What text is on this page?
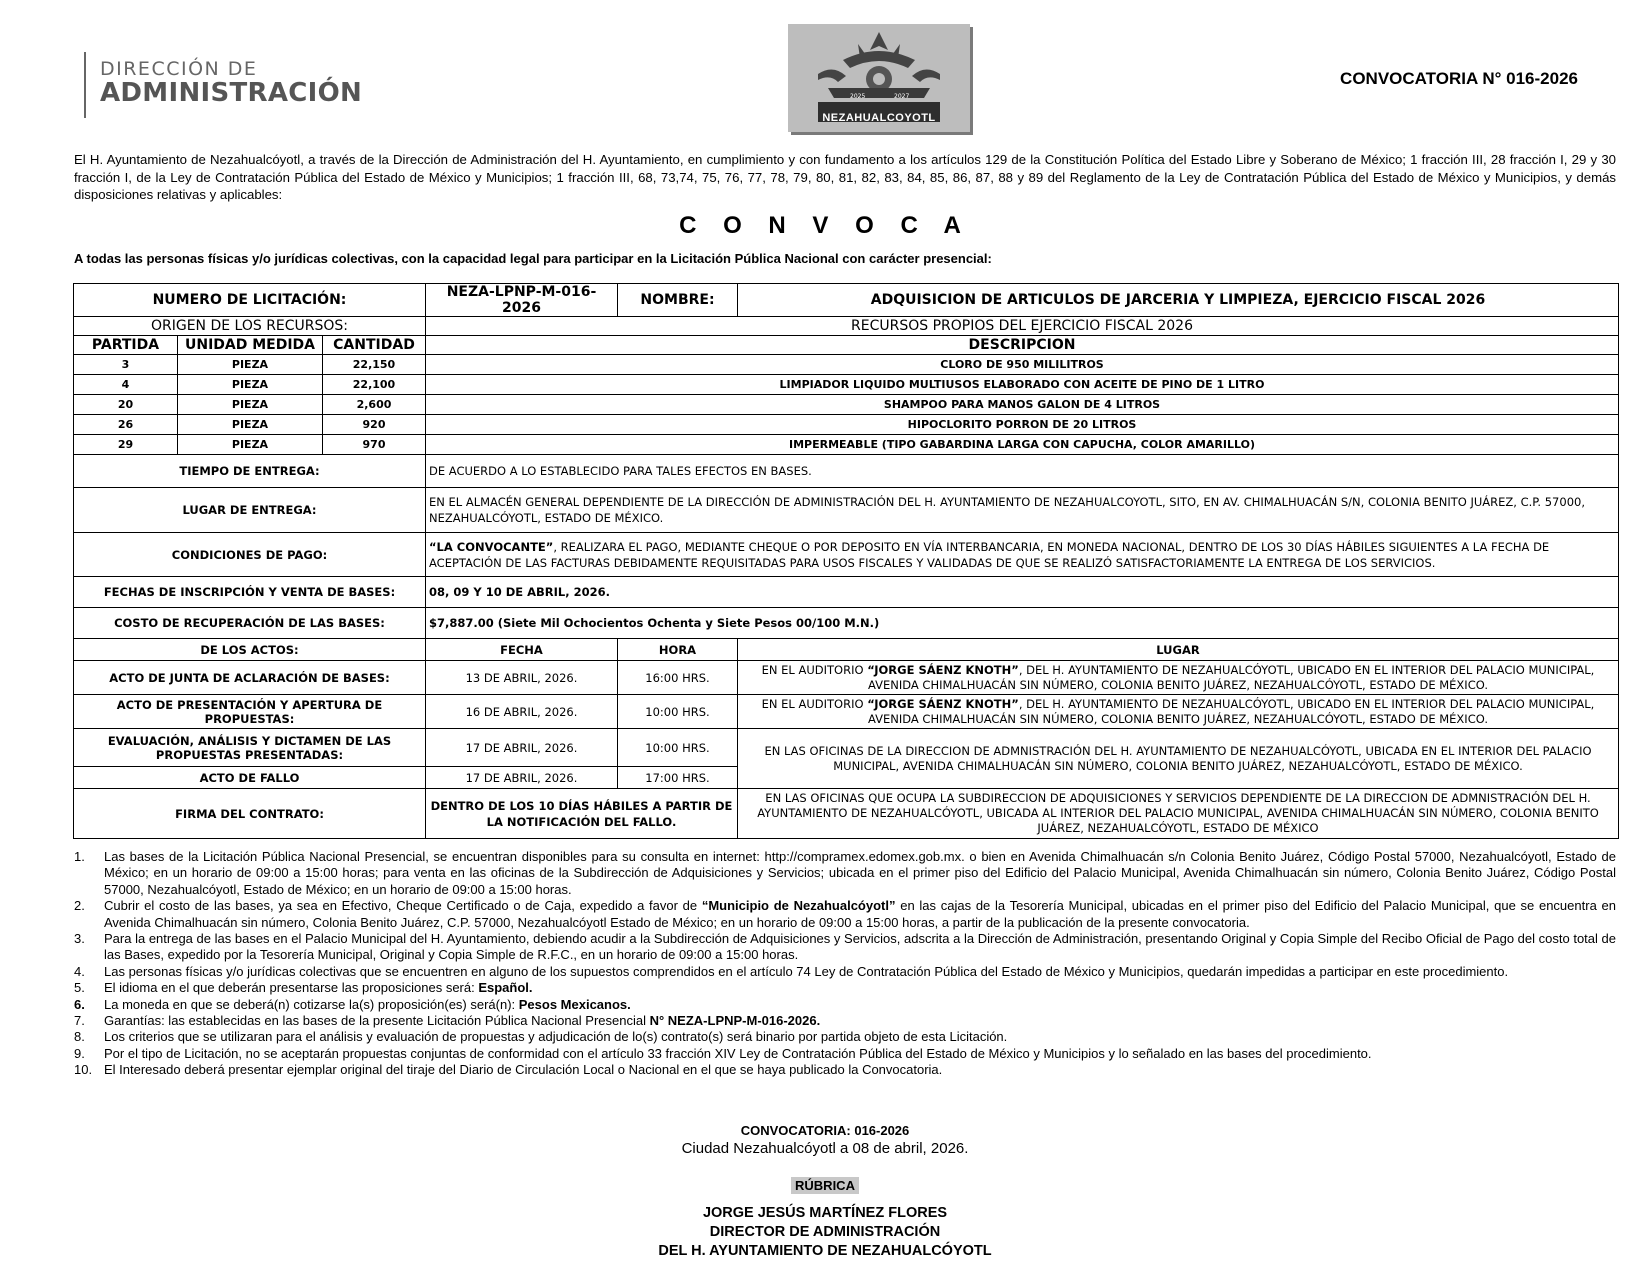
DIRECCIÓN DE
ADMINISTRACIÓN	2025	2027
NEZAHUALCOYOTL
CONVOCATORIA N° 016-2026
El H. Ayuntamiento de Nezahualcóyotl, a través de la Dirección de Administración del H. Ayuntamiento, en cumplimiento y con fundamento a los artículos 129 de la Constitución Política del Estado Libre y Soberano de México; 1 fracción III, 28 fracción I, 29 y 30 fracción I, de la Ley de Contratación Pública del Estado de México y Municipios; 1 fracción III, 68, 73,74, 75, 76, 77, 78, 79, 80, 81, 82, 83, 84, 85, 86, 87, 88 y 89 del Reglamento de la Ley de Contratación Pública del Estado de México y Municipios, y demás disposiciones relativas y aplicables:
C O N V O C A
A todas las personas físicas y/o jurídicas colectivas, con la capacidad legal para participar en la Licitación Pública Nacional con carácter presencial:
NUMERO DE LICITACIÓN:			NEZA-LPNP-M-016-2026	NOMBRE:	ADQUISICION DE ARTICULOS DE JARCERIA Y LIMPIEZA, EJERCICIO FISCAL 2026
ORIGEN DE LOS RECURSOS:			RECURSOS PROPIOS DEL EJERCICIO FISCAL 2026		
PARTIDA	UNIDAD MEDIDA	CANTIDAD	DESCRIPCION		
3	PIEZA	22,150	CLORO DE 950 MILILITROS		
4	PIEZA	22,100	LIMPIADOR LIQUIDO MULTIUSOS ELABORADO CON ACEITE DE PINO DE 1 LITRO		
20	PIEZA	2,600	SHAMPOO PARA MANOS GALON DE 4 LITROS		
26	PIEZA	920	HIPOCLORITO PORRON DE 20 LITROS		
29	PIEZA	970	IMPERMEABLE (TIPO GABARDINA LARGA CON CAPUCHA, COLOR AMARILLO)		
TIEMPO DE ENTREGA:			DE ACUERDO A LO ESTABLECIDO PARA TALES EFECTOS EN BASES.		
LUGAR DE ENTREGA:			EN EL ALMACÉN GENERAL DEPENDIENTE DE LA DIRECCIÓN DE ADMINISTRACIÓN DEL H. AYUNTAMIENTO DE NEZAHUALCOYOTL, SITO, EN AV. CHIMALHUACÁN S/N, COLONIA BENITO JUÁREZ, C.P. 57000, NEZAHUALCÓYOTL, ESTADO DE MÉXICO.		
CONDICIONES DE PAGO:			“LA CONVOCANTE”, REALIZARA EL PAGO, MEDIANTE CHEQUE O POR DEPOSITO EN VÍA INTERBANCARIA, EN MONEDA NACIONAL, DENTRO DE LOS 30 DÍAS HÁBILES SIGUIENTES A LA FECHA DE ACEPTACIÓN DE LAS FACTURAS DEBIDAMENTE REQUISITADAS PARA USOS FISCALES Y VALIDADAS DE QUE SE REALIZÓ SATISFACTORIAMENTE LA ENTREGA DE LOS SERVICIOS.		
FECHAS DE INSCRIPCIÓN Y VENTA DE BASES:			08, 09 Y 10 DE ABRIL, 2026.		
COSTO DE RECUPERACIÓN DE LAS BASES:			$7,887.00 (Siete Mil Ochocientos Ochenta y Siete Pesos 00/100 M.N.)		
DE LOS ACTOS:			FECHA	HORA	LUGAR
ACTO DE JUNTA DE ACLARACIÓN DE BASES:			13 DE ABRIL, 2026.	16:00 HRS.	EN EL AUDITORIO “JORGE SÁENZ KNOTH”, DEL H. AYUNTAMIENTO DE NEZAHUALCÓYOTL, UBICADO EN EL INTERIOR DEL PALACIO MUNICIPAL, AVENIDA CHIMALHUACÁN SIN NÚMERO, COLONIA BENITO JUÁREZ, NEZAHUALCÓYOTL, ESTADO DE MÉXICO.
ACTO DE PRESENTACIÓN Y APERTURA DE PROPUESTAS:			16 DE ABRIL, 2026.	10:00 HRS.	EN EL AUDITORIO “JORGE SÁENZ KNOTH”, DEL H. AYUNTAMIENTO DE NEZAHUALCÓYOTL, UBICADO EN EL INTERIOR DEL PALACIO MUNICIPAL, AVENIDA CHIMALHUACÁN SIN NÚMERO, COLONIA BENITO JUÁREZ, NEZAHUALCÓYOTL, ESTADO DE MÉXICO.
EVALUACIÓN, ANÁLISIS Y DICTAMEN DE LAS PROPUESTAS PRESENTADAS:			17 DE ABRIL, 2026.	10:00 HRS.	EN LAS OFICINAS DE LA DIRECCION DE ADMNISTRACIÓN DEL H. AYUNTAMIENTO DE NEZAHUALCÓYOTL, UBICADA EN EL INTERIOR DEL PALACIO MUNICIPAL, AVENIDA CHIMALHUACÁN SIN NÚMERO, COLONIA BENITO JUÁREZ, NEZAHUALCÓYOTL, ESTADO DE MÉXICO.
ACTO DE FALLO			17 DE ABRIL, 2026.	17:00 HRS.	
FIRMA DEL CONTRATO:			DENTRO DE LOS 10 DÍAS HÁBILES A PARTIR DE LA NOTIFICACIÓN DEL FALLO.		EN LAS OFICINAS QUE OCUPA LA SUBDIRECCION DE ADQUISICIONES Y SERVICIOS DEPENDIENTE DE LA DIRECCION DE ADMNISTRACIÓN DEL H. AYUNTAMIENTO DE NEZAHUALCÓYOTL, UBICADA AL INTERIOR DEL PALACIO MUNICIPAL, AVENIDA CHIMALHUACÁN SIN NÚMERO, COLONIA BENITO JUÁREZ, NEZAHUALCÓYOTL, ESTADO DE MÉXICO
1. Las bases de la Licitación Pública Nacional Presencial, se encuentran disponibles para su consulta en internet: http://compramex.edomex.gob.mx. o bien en Avenida Chimalhuacán s/n Colonia Benito Juárez, Código Postal 57000, Nezahualcóyotl, Estado de México; en un horario de 09:00 a 15:00 horas; para venta en las oficinas de la Subdirección de Adquisiciones y Servicios; ubicada en el primer piso del Edificio del Palacio Municipal, Avenida Chimalhuacán sin número, Colonia Benito Juárez, Código Postal 57000, Nezahualcóyotl, Estado de México; en un horario de 09:00 a 15:00 horas.
2. Cubrir el costo de las bases, ya sea en Efectivo, Cheque Certificado o de Caja, expedido a favor de “Municipio de Nezahualcóyotl” en las cajas de la Tesorería Municipal, ubicadas en el primer piso del Edificio del Palacio Municipal, que se encuentra en Avenida Chimalhuacán sin número, Colonia Benito Juárez, C.P. 57000, Nezahualcóyotl Estado de México; en un horario de 09:00 a 15:00 horas, a partir de la publicación de la presente convocatoria.
3. Para la entrega de las bases en el Palacio Municipal del H. Ayuntamiento, debiendo acudir a la Subdirección de Adquisiciones y Servicios, adscrita a la Dirección de Administración, presentando Original y Copia Simple del Recibo Oficial de Pago del costo total de las Bases, expedido por la Tesorería Municipal, Original y Copia Simple de R.F.C., en un horario de 09:00 a 15:00 horas.
4. Las personas físicas y/o jurídicas colectivas que se encuentren en alguno de los supuestos comprendidos en el artículo 74 Ley de Contratación Pública del Estado de México y Municipios, quedarán impedidas a participar en este procedimiento.
5. El idioma en el que deberán presentarse las proposiciones será: Español.
6. La moneda en que se deberá(n) cotizarse la(s) proposición(es) será(n): Pesos Mexicanos.
7. Garantías: las establecidas en las bases de la presente Licitación Pública Nacional Presencial N° NEZA-LPNP-M-016-2026.
8. Los criterios que se utilizaran para el análisis y evaluación de propuestas y adjudicación de lo(s) contrato(s) será binario por partida objeto de esta Licitación.
9. Por el tipo de Licitación, no se aceptarán propuestas conjuntas de conformidad con el artículo 33 fracción XIV Ley de Contratación Pública del Estado de México y Municipios y lo señalado en las bases del procedimiento.
10. El Interesado deberá presentar ejemplar original del tiraje del Diario de Circulación Local o Nacional en el que se haya publicado la Convocatoria.
CONVOCATORIA: 016-2026
Ciudad Nezahualcóyotl a 08 de abril, 2026.
RÚBRICA
JORGE JESÚS MARTÍNEZ FLORES
DIRECTOR DE ADMINISTRACIÓN
DEL H. AYUNTAMIENTO DE NEZAHUALCÓYOTL
